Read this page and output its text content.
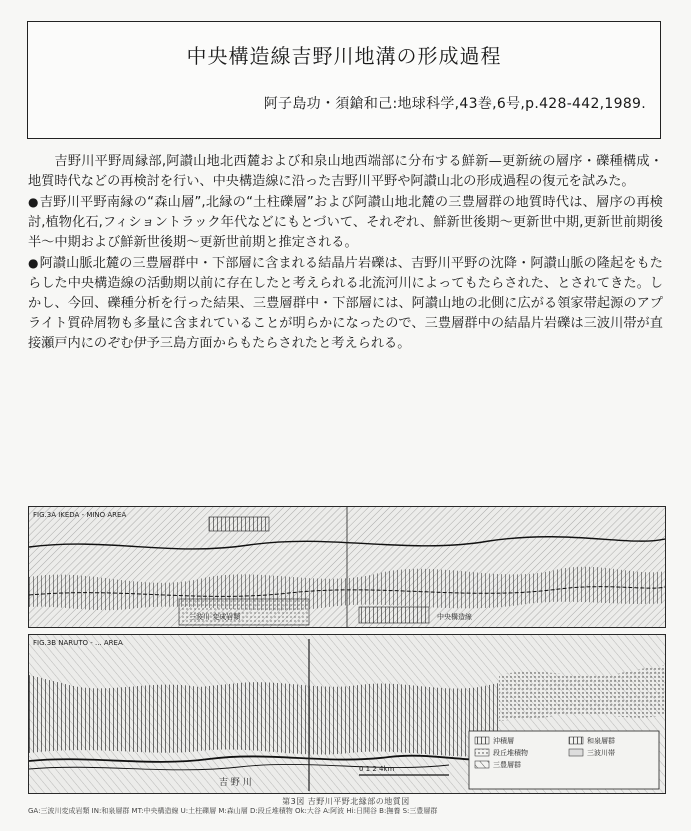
中央構造線吉野川地溝の形成過程
阿子島功・須鎗和己:地球科学,43巻,6号,p.428-442,1989.

吉野川平野周縁部,阿讃山地北西麓および和泉山地西端部に分布する鮮新—更新統の層序・礫種構成・地質時代などの再検討を行い、中央構造線に沿った吉野川平野や阿讃山北の形成過程の復元を試みた。

●吉野川平野南縁の“森山層”,北縁の“土柱礫層”および阿讃山地北麓の三豊層群の地質時代は、層序の再検討,植物化石,フィショントラック年代などにもとづいて、それぞれ、鮮新世後期～更新世中期,更新世前期後半～中期および鮮新世後期～更新世前期と推定される。

●阿讃山脈北麓の三豊層群中・下部層に含まれる結晶片岩礫は、吉野川平野の沈降・阿讃山脈の隆起をもたらした中央構造線の活動期以前に存在したと考えられる北流河川によってもたらされた、とされてきた。しかし、今回、礫種分析を行った結果、三豊層群中・下部層には、阿讃山地の北側に広がる領家帯起源のアプライト質砕屑物も多量に含まれていることが明らかになったので、三豊層群中の結晶片岩礫は三波川帯が直接瀬戸内にのぞむ伊予三島方面からもたらされたと考えられる。

FIG.3A IKEDA - MINO AREA
三波川 変成岩類	中央構造線
FIG.3B NARUTO - ... AREA
吉 野 川
0 1 2 4km
沖積層
段丘堆積物
三豊層群
和泉層群
三波川帯
第3図 吉野川平野北縁部の地質図
GA:三波川変成岩類 IN:和泉層群 MT:中央構造線 U:土柱礫層 M:森山層 D:段丘堆積物 Ok:大谷 A:阿波 Hi:日開谷 B:撫養 S:三豊層群
